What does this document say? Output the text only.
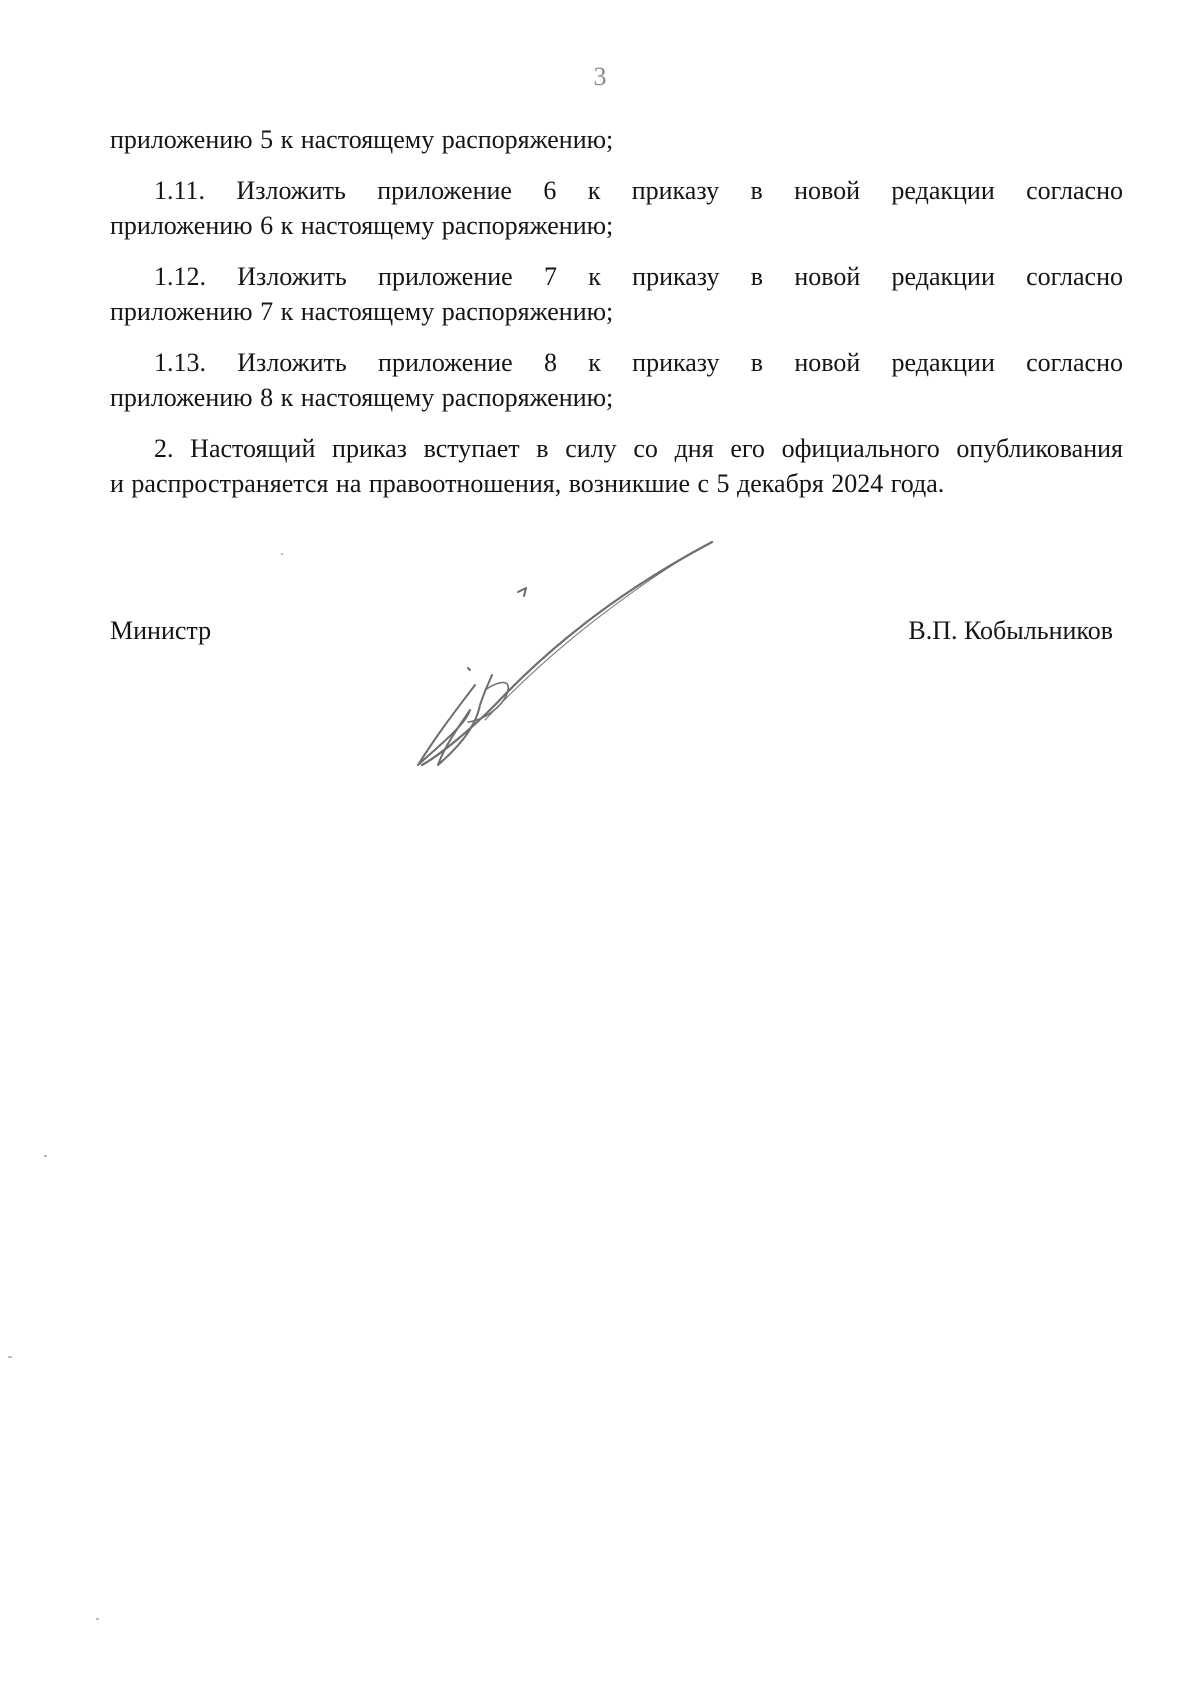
3

приложению 5 к настоящему распоряжению;

1.11. Изложить приложение 6 к приказу в новой редакции согласно
приложению 6 к настоящему распоряжению;

1.12. Изложить приложение 7 к приказу в новой редакции согласно
приложению 7 к настоящему распоряжению;

1.13. Изложить приложение 8 к приказу в новой редакции согласно
приложению 8 к настоящему распоряжению;

2. Настоящий приказ вступает в силу со дня его официального опубликования
и распространяется на правоотношения, возникшие с 5 декабря 2024 года.

Министр	В.П. Кобыльников
